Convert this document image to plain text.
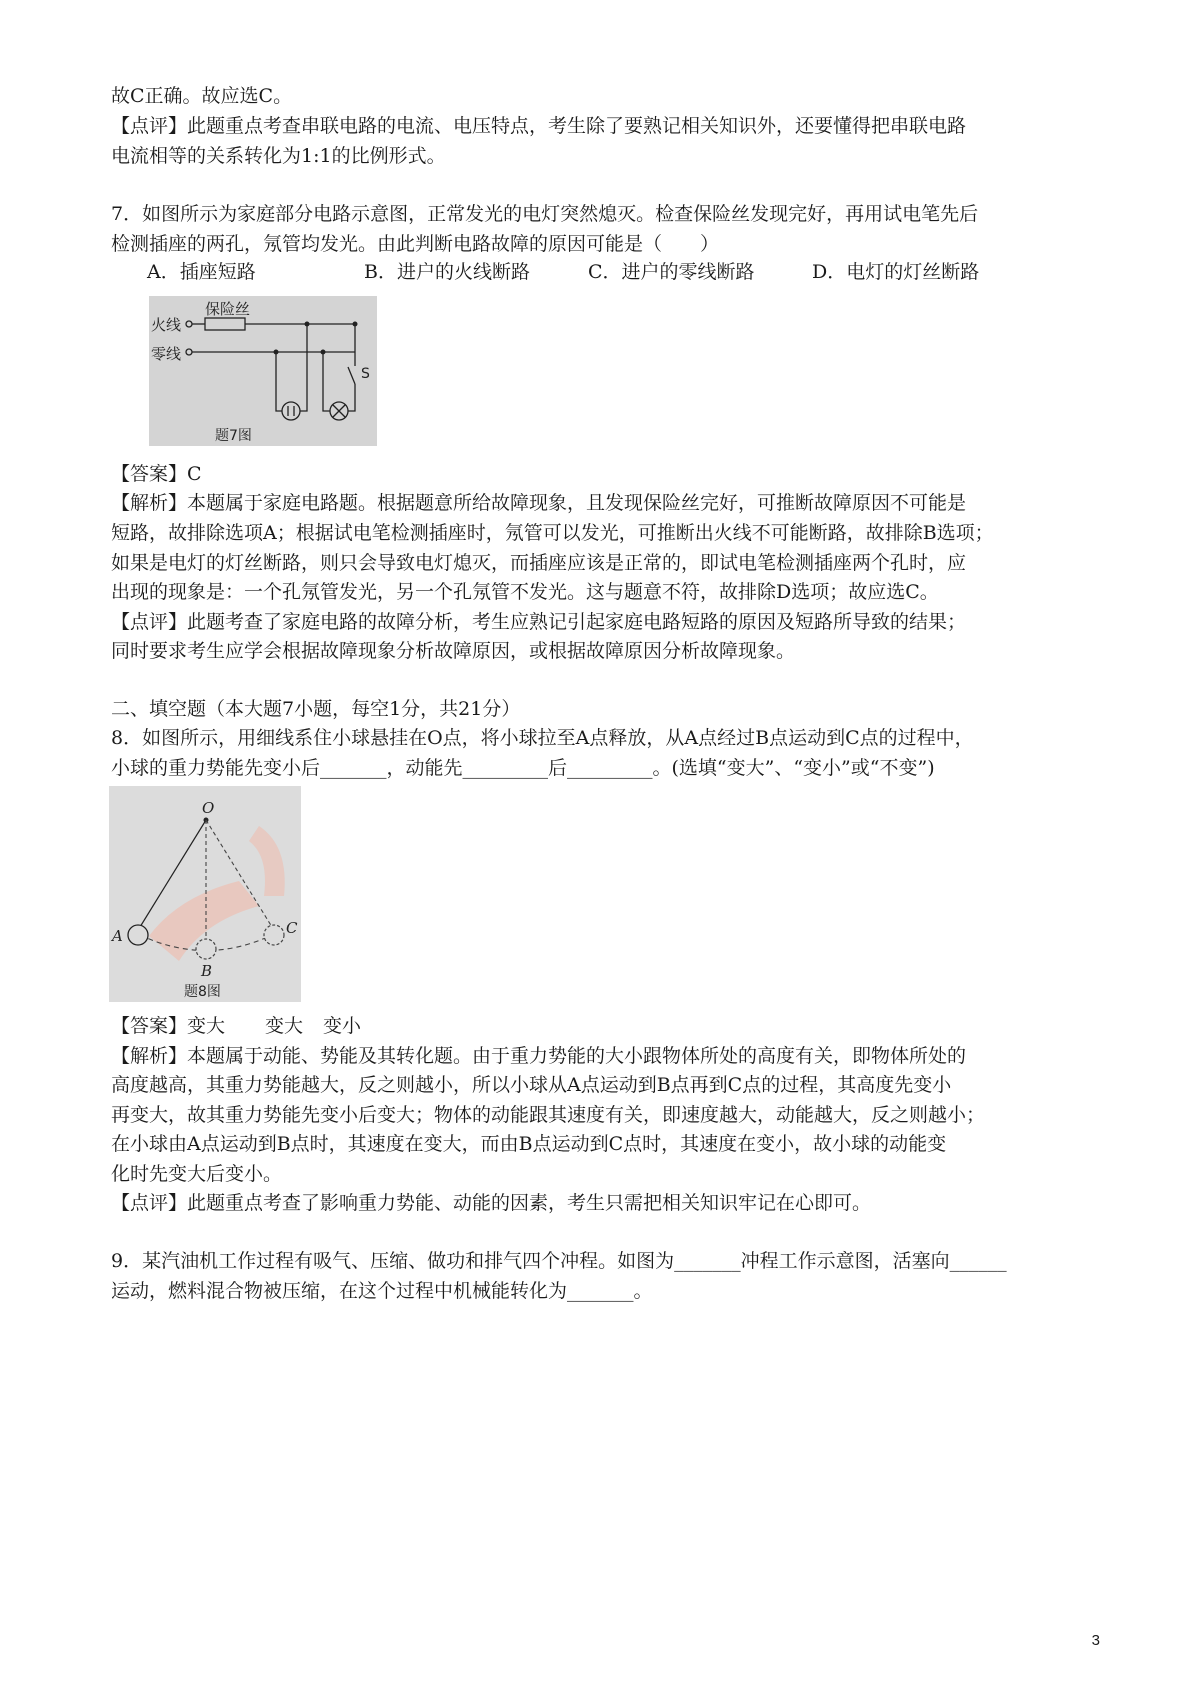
故C正确。故应选C。
【点评】此题重点考查串联电路的电流、电压特点，考生除了要熟记相关知识外，还要懂得把串联电路
电流相等的关系转化为1:1的比例形式。
7．如图所示为家庭部分电路示意图，正常发光的电灯突然熄灭。检查保险丝发现完好，再用试电笔先后
检测插座的两孔，氖管均发光。由此判断电路故障的原因可能是（　　）
A．插座短路	B．进户的火线断路	C．进户的零线断路	D．电灯的灯丝断路
火线
零线
保险丝
S
题7图
【答案】C
【解析】本题属于家庭电路题。根据题意所给故障现象，且发现保险丝完好，可推断故障原因不可能是
短路，故排除选项A；根据试电笔检测插座时，氖管可以发光，可推断出火线不可能断路，故排除B选项；
如果是电灯的灯丝断路，则只会导致电灯熄灭，而插座应该是正常的，即试电笔检测插座两个孔时，应
出现的现象是：一个孔氖管发光，另一个孔氖管不发光。这与题意不符，故排除D选项；故应选C。
【点评】此题考查了家庭电路的故障分析，考生应熟记引起家庭电路短路的原因及短路所导致的结果；
同时要求考生应学会根据故障现象分析故障原因，或根据故障原因分析故障现象。
二、填空题（本大题7小题，每空1分，共21分）
8．如图所示，用细线系住小球悬挂在O点，将小球拉至A点释放，从A点经过B点运动到C点的过程中，
小球的重力势能先变小后_______，动能先_________后_________。(选填“变大”、“变小”或“不变”)
O
A
B
C
题8图
【答案】变大 变大 变小
【解析】本题属于动能、势能及其转化题。由于重力势能的大小跟物体所处的高度有关，即物体所处的
高度越高，其重力势能越大，反之则越小，所以小球从A点运动到B点再到C点的过程，其高度先变小
再变大，故其重力势能先变小后变大；物体的动能跟其速度有关，即速度越大，动能越大，反之则越小；
在小球由A点运动到B点时，其速度在变大，而由B点运动到C点时，其速度在变小，故小球的动能变
化时先变大后变小。
【点评】此题重点考查了影响重力势能、动能的因素，考生只需把相关知识牢记在心即可。
9．某汽油机工作过程有吸气、压缩、做功和排气四个冲程。如图为_______冲程工作示意图，活塞向______
运动，燃料混合物被压缩，在这个过程中机械能转化为_______。
3
